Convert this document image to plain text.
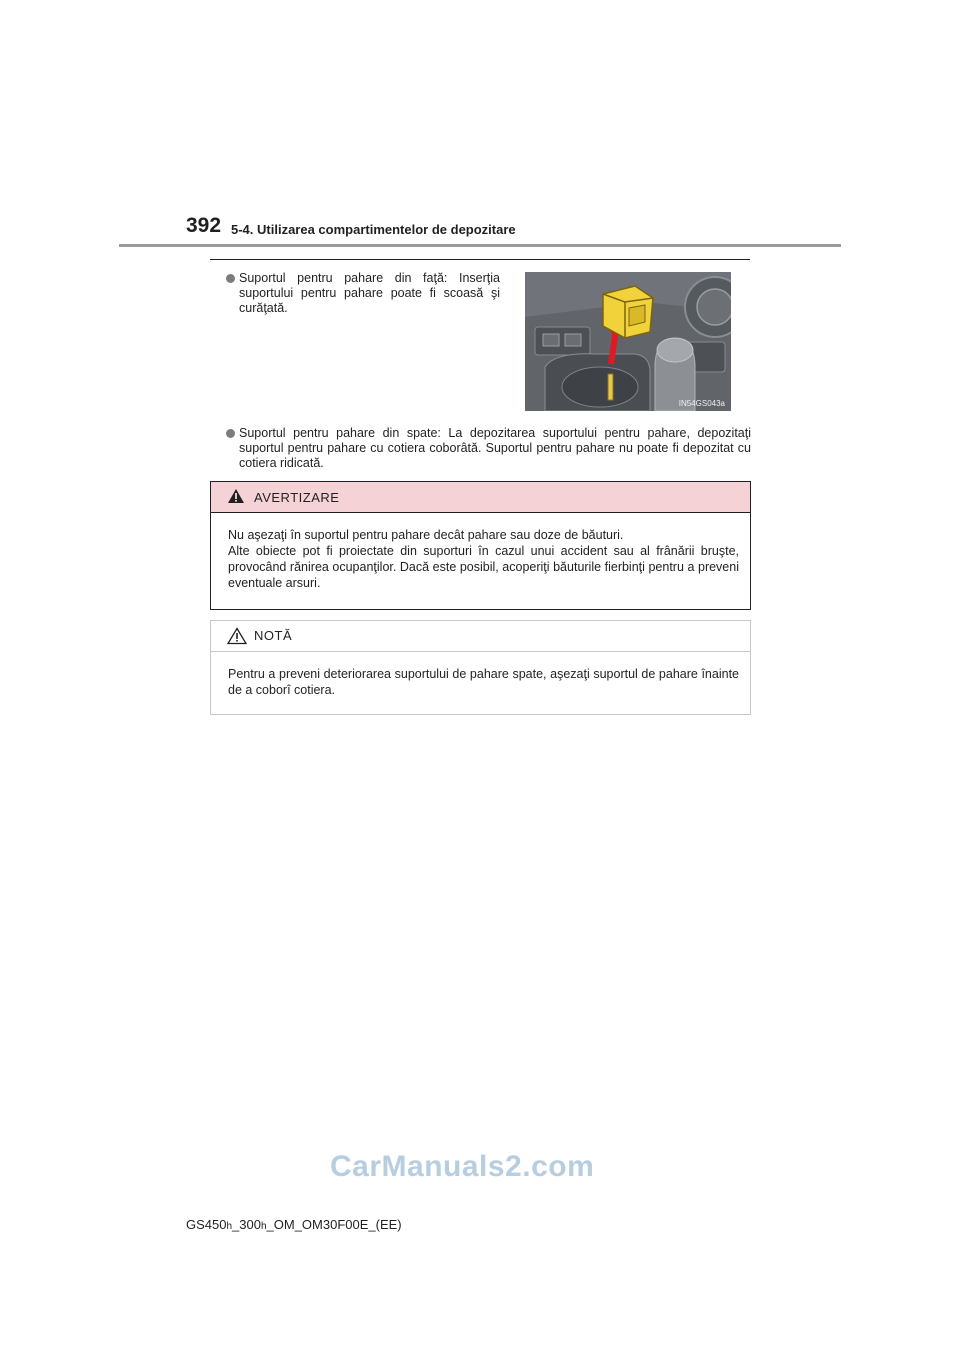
392 5-4. Utilizarea compartimentelor de depozitare
Suportul pentru pahare din faţă: Inserţia suportului pentru pahare poate fi scoasă şi curăţată.
IN54GS043a
Suportul pentru pahare din spate: La depozitarea suportului pentru pahare, depozitaţi suportul pentru pahare cu cotiera coborâtă. Suportul pentru pahare nu poate fi depozitat cu cotiera ridicată.
AVERTIZARE

Nu aşezaţi în suportul pentru pahare decât pahare sau doze de băuturi.

Alte obiecte pot fi proiectate din suporturi în cazul unui accident sau al frânării bruşte, provocând rănirea ocupanţilor. Dacă este posibil, acoperiţi băuturile fierbinţi pentru a preveni eventuale arsuri.

NOTĂ

Pentru a preveni deteriorarea suportului de pahare spate, aşezaţi suportul de pahare înainte de a coborî cotiera.

CarManuals2.com
GS450h_300h_OM_OM30F00E_(EE)
